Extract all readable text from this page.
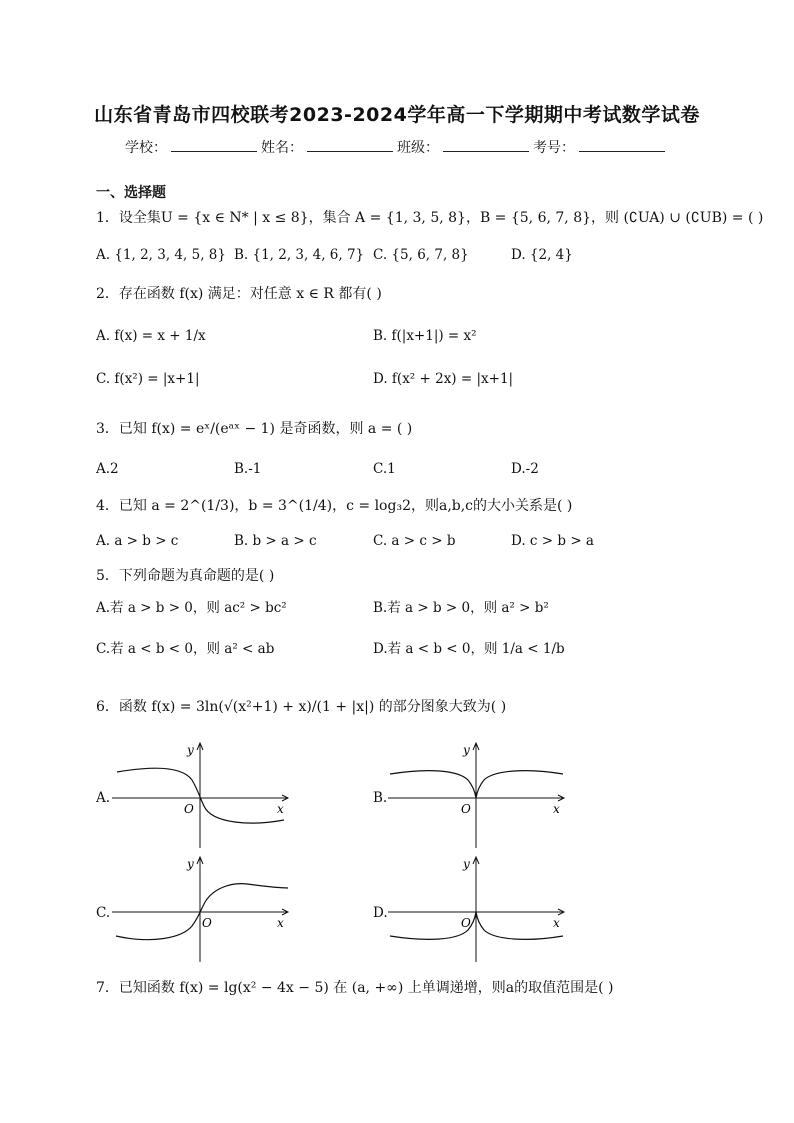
山东省青岛市四校联考2023-2024学年高一下学期期中考试数学试卷
学校：	姓名：	班级：	考号：
一、选择题
1．设全集U = {x ∈ N* | x ≤ 8}，集合 A = {1, 3, 5, 8}，B = {5, 6, 7, 8}，则 (∁UA) ∪ (∁UB) = ( )
A. {1, 2, 3, 4, 5, 8} B. {1, 2, 3, 4, 6, 7} C. {5, 6, 7, 8}	D. {2, 4}
2．存在函数 f(x) 满足：对任意 x ∈ R 都有( )
A. f(x) = x + 1/x	B. f(|x+1|) = x²
C. f(x²) = |x+1|	D. f(x² + 2x) = |x+1|
3．已知 f(x) = eˣ/(eᵃˣ − 1) 是奇函数，则 a = ( )
A.2	B.-1	C.1	D.-2
4．已知 a = 2^(1/3)，b = 3^(1/4)，c = log₃2，则a,b,c的大小关系是( )
A. a > b > c	B. b > a > c	C. a > c > b	D. c > b > a
5．下列命题为真命题的是( )
A.若 a > b > 0，则 ac² > bc²	B.若 a > b > 0，则 a² > b²
C.若 a < b < 0，则 a² < ab	D.若 a < b < 0，则 1/a < 1/b
6．函数 f(x) = 3ln(√(x²+1) + x)/(1 + |x|) 的部分图象大致为( )
A.
y
x
O
B.
y
x
O
C.
y
x
O
D.
y
x
O
7．已知函数 f(x) = lg(x² − 4x − 5) 在 (a, +∞) 上单调递增，则a的取值范围是( )
